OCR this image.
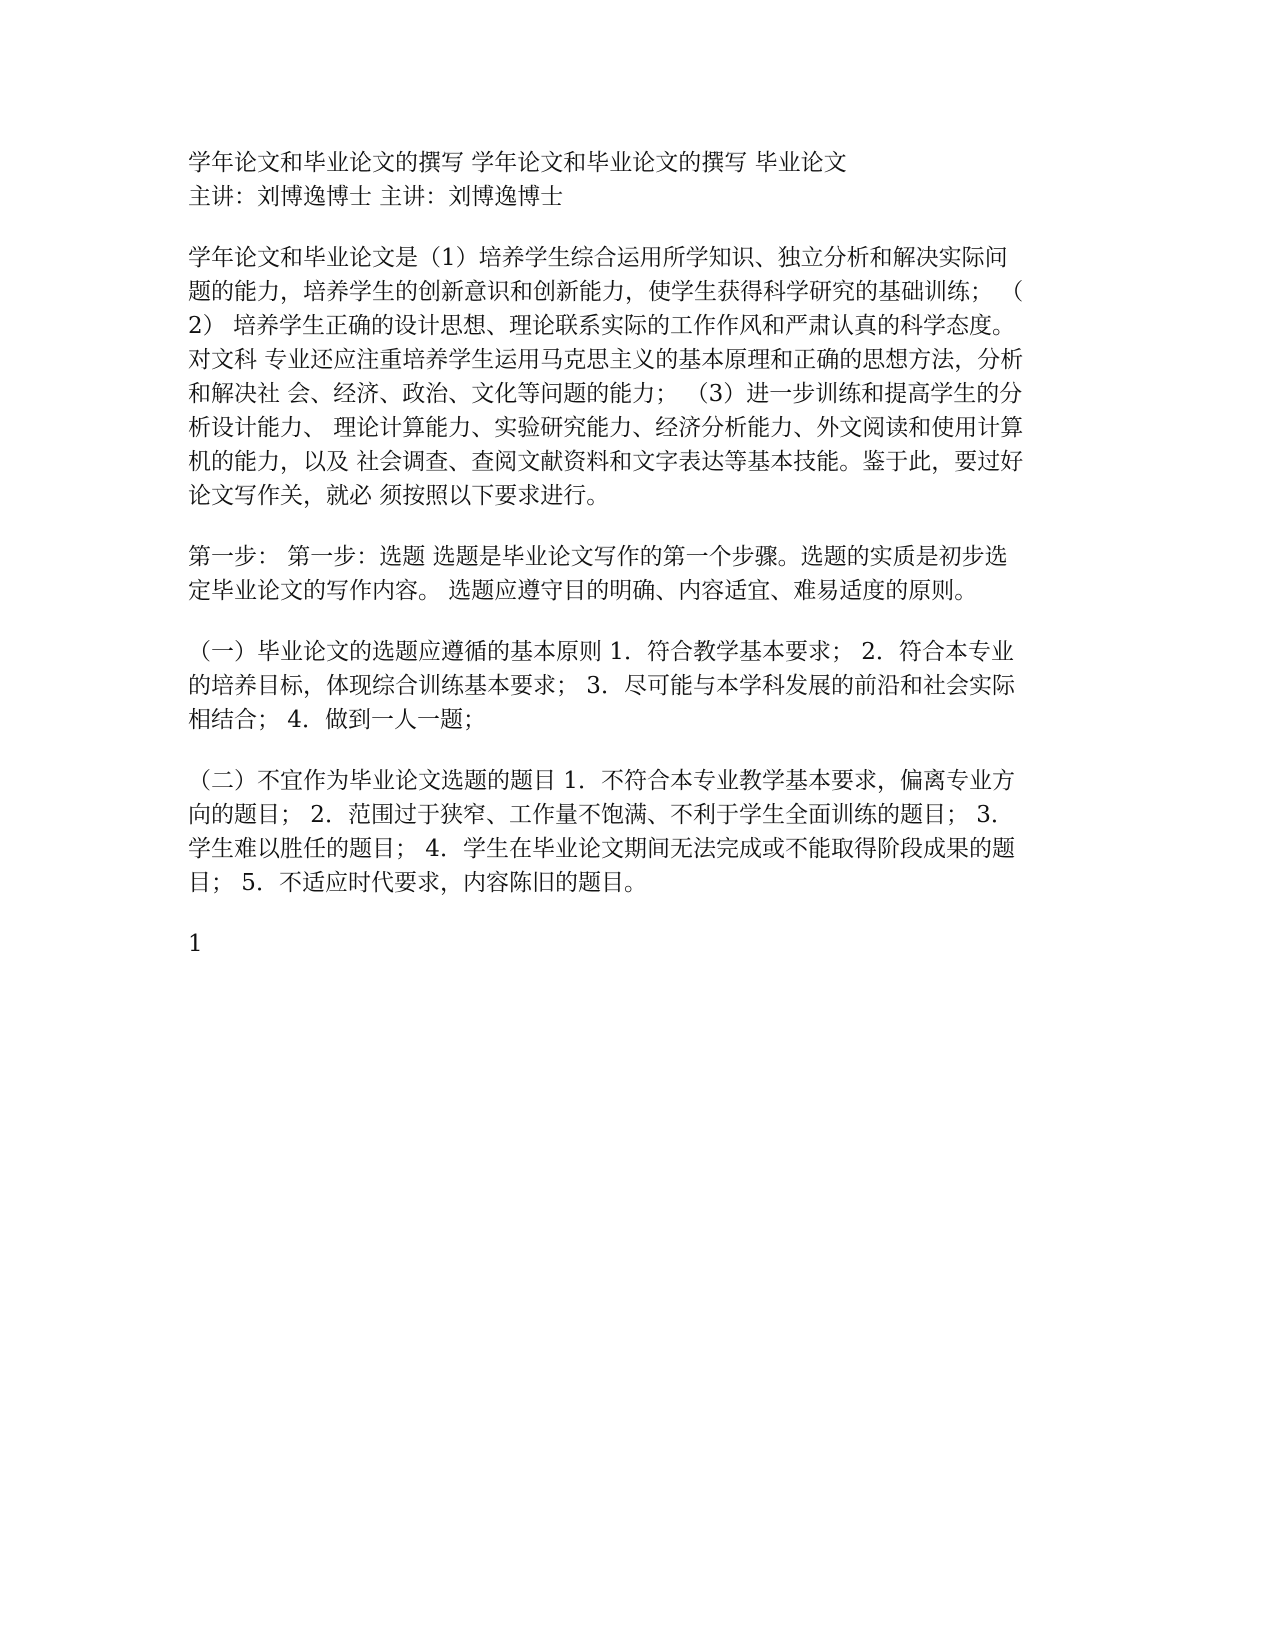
学年论文和毕业论文的撰写 学年论文和毕业论文的撰写 毕业论文
主讲：刘博逸博士 主讲：刘博逸博士
学年论文和毕业论文是（1）培养学生综合运用所学知识、独立分析和解决实际问
题的能力，培养学生的创新意识和创新能力，使学生获得科学研究的基础训练； （
2） 培养学生正确的设计思想、理论联系实际的工作作风和严肃认真的科学态度。
对文科 专业还应注重培养学生运用马克思主义的基本原理和正确的思想方法，分析
和解决社 会、经济、政治、文化等问题的能力； （3）进一步训练和提高学生的分
析设计能力、 理论计算能力、实验研究能力、经济分析能力、外文阅读和使用计算
机的能力，以及 社会调查、查阅文献资料和文字表达等基本技能。鉴于此，要过好
论文写作关，就必 须按照以下要求进行。
第一步： 第一步：选题 选题是毕业论文写作的第一个步骤。选题的实质是初步选
定毕业论文的写作内容。 选题应遵守目的明确、内容适宜、难易适度的原则。
（一）毕业论文的选题应遵循的基本原则 1．符合教学基本要求； 2．符合本专业
的培养目标，体现综合训练基本要求； 3．尽可能与本学科发展的前沿和社会实际
相结合； 4．做到一人一题；
（二）不宜作为毕业论文选题的题目 1．不符合本专业教学基本要求，偏离专业方
向的题目； 2．范围过于狭窄、工作量不饱满、不利于学生全面训练的题目； 3．
学生难以胜任的题目； 4．学生在毕业论文期间无法完成或不能取得阶段成果的题
目； 5．不适应时代要求，内容陈旧的题目。
1
